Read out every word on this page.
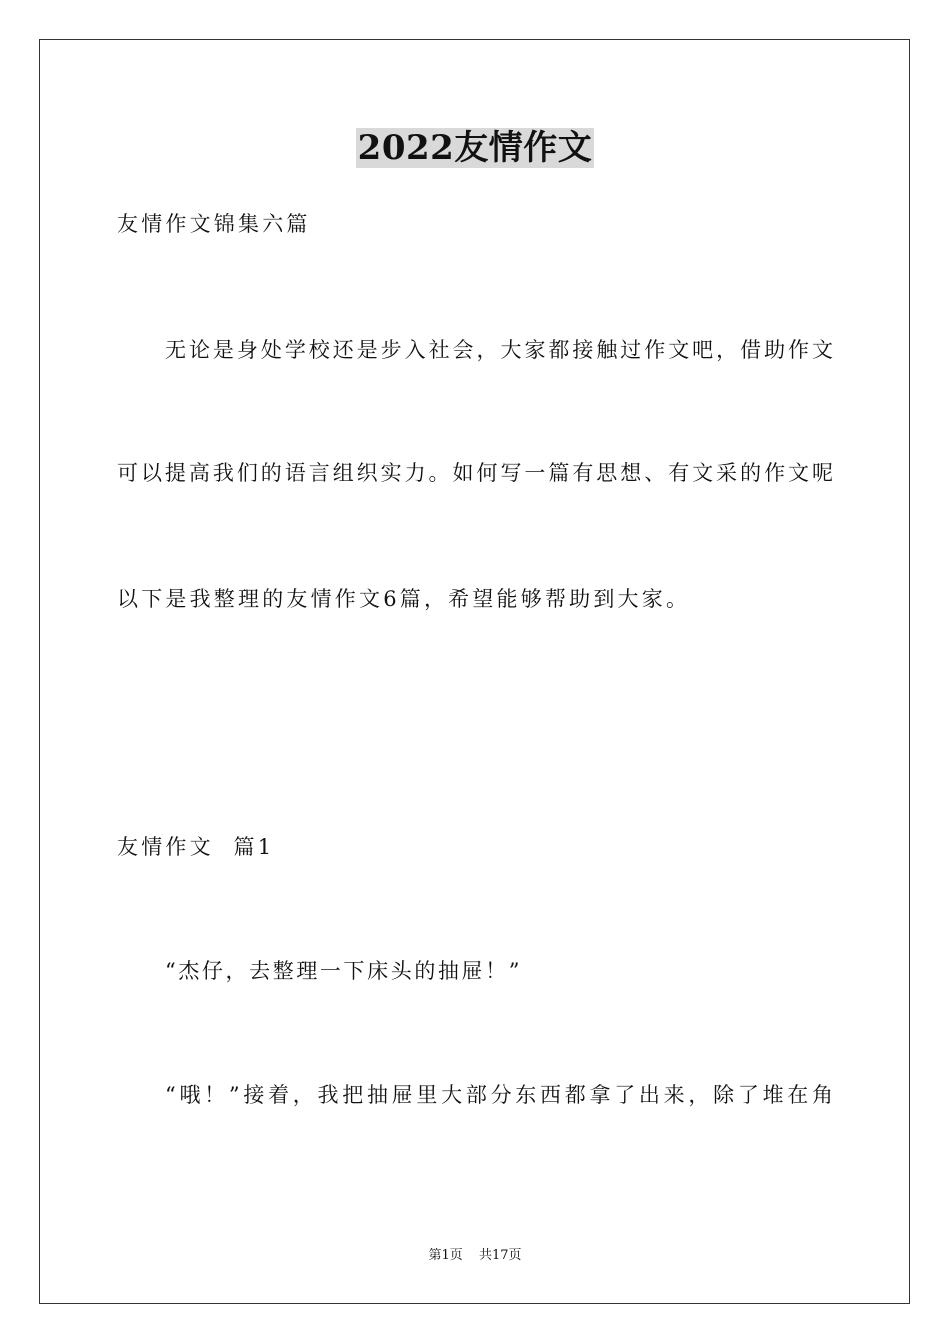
2022友情作文
友情作文锦集六篇
无论是身处学校还是步入社会，大家都接触过作文吧，借助作文
可以提高我们的语言组织实力。如何写一篇有思想、有文采的作文呢
以下是我整理的友情作文6篇，希望能够帮助到大家。
友情作文  篇1
“杰仔，去整理一下床头的抽屉！”
“哦！”接着，我把抽屉里大部分东西都拿了出来，除了堆在角
第1页 共17页
